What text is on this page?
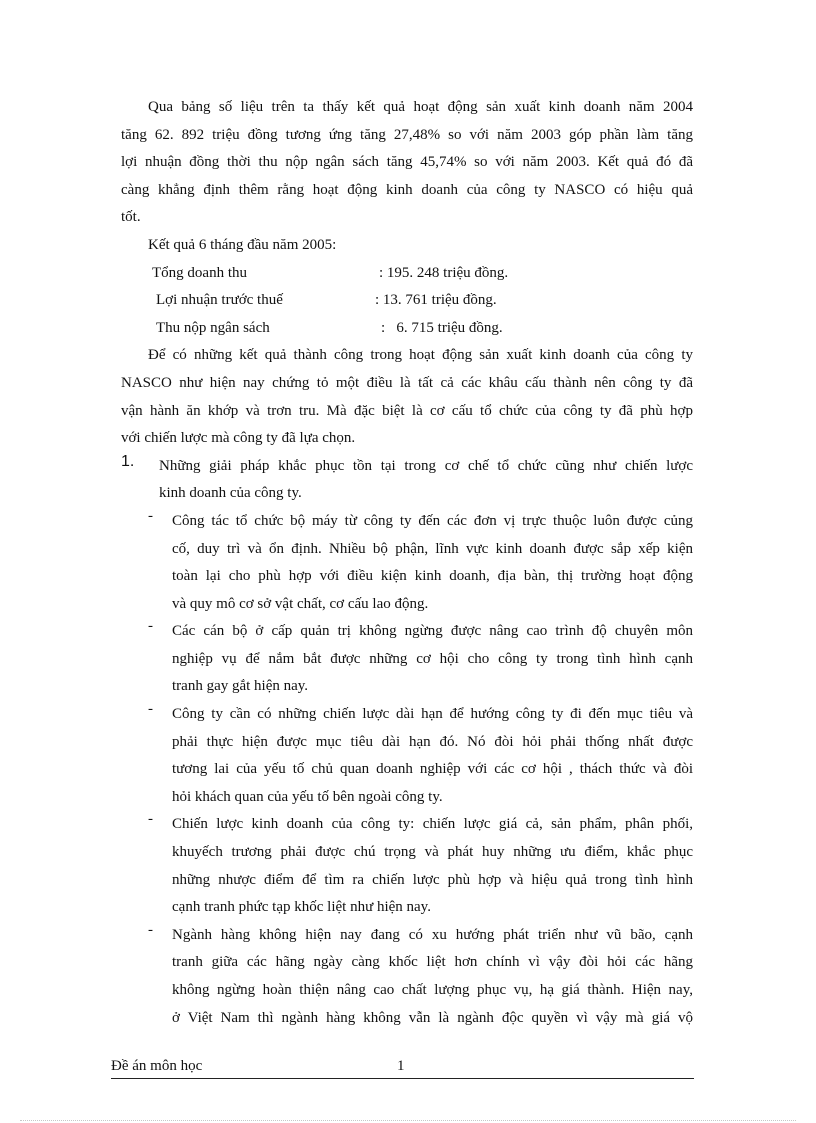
Qua bảng số liệu trên ta thấy kết quả hoạt động sản xuất kinh doanh năm 2004
tăng 62. 892 triệu đồng tương ứng tăng 27,48% so với năm 2003 góp phần làm tăng
lợi nhuận đồng thời thu nộp ngân sách tăng 45,74% so với năm 2003. Kết quả đó đã
càng khẳng định thêm rằng hoạt động kinh doanh của công ty NASCO có hiệu quả
tốt.
Kết quả 6 tháng đầu năm 2005:
Tổng doanh thu	: 195. 248 triệu đồng.
Lợi nhuận trước thuế	: 13. 761 triệu đồng.
Thu nộp ngân sách	:   6. 715 triệu đồng.
Để có những kết quả thành công trong hoạt động sản xuất kinh doanh của công ty
NASCO như hiện nay chứng tỏ một điều là tất cả các khâu cấu thành nên công ty đã
vận hành ăn khớp và trơn tru. Mà đặc biệt là cơ cấu tổ chức của công ty đã phù hợp
với chiến lược mà công ty đã lựa chọn.
1. Những giải pháp khắc phục tồn tại trong cơ chế tổ chức cũng như chiến lược
kinh doanh của công ty.
- Công tác tổ chức bộ máy từ công ty đến các đơn vị trực thuộc luôn được củng
cố, duy trì và ổn định. Nhiều bộ phận, lĩnh vực kinh doanh được sắp xếp kiện
toàn lại cho phù hợp với điều kiện kinh doanh, địa bàn, thị trường hoạt động
và quy mô cơ sở vật chất, cơ cấu lao động.
- Các cán bộ ở cấp quản trị không ngừng được nâng cao trình độ chuyên môn
nghiệp vụ để nắm bắt được những cơ hội cho công ty trong tình hình cạnh
tranh gay gắt hiện nay.
- Công ty cần có những chiến lược dài hạn để hướng công ty đi đến mục tiêu và
phải thực hiện được mục tiêu dài hạn đó. Nó đòi hỏi phải thống nhất được
tương lai của yếu tố chủ quan doanh nghiệp với các cơ hội , thách thức và đòi
hỏi khách quan của yếu tố bên ngoài công ty.
- Chiến lược kinh doanh của công ty: chiến lược giá cả, sản phẩm, phân phối,
khuyếch trương phải được chú trọng và phát huy những ưu điểm, khắc phục
những nhược điểm để tìm ra chiến lược phù hợp và hiệu quả trong tình hình
cạnh tranh phức tạp khốc liệt như hiện nay.
- Ngành hàng không hiện nay đang có xu hướng phát triển như vũ bão, cạnh
tranh giữa các hãng ngày càng khốc liệt hơn chính vì vậy đòi hỏi các hãng
không ngừng hoàn thiện nâng cao chất lượng phục vụ, hạ giá thành. Hiện nay,
ở Việt Nam thì ngành hàng không vẫn là ngành độc quyền vì vậy mà giá vộ
Đề án môn học	1
